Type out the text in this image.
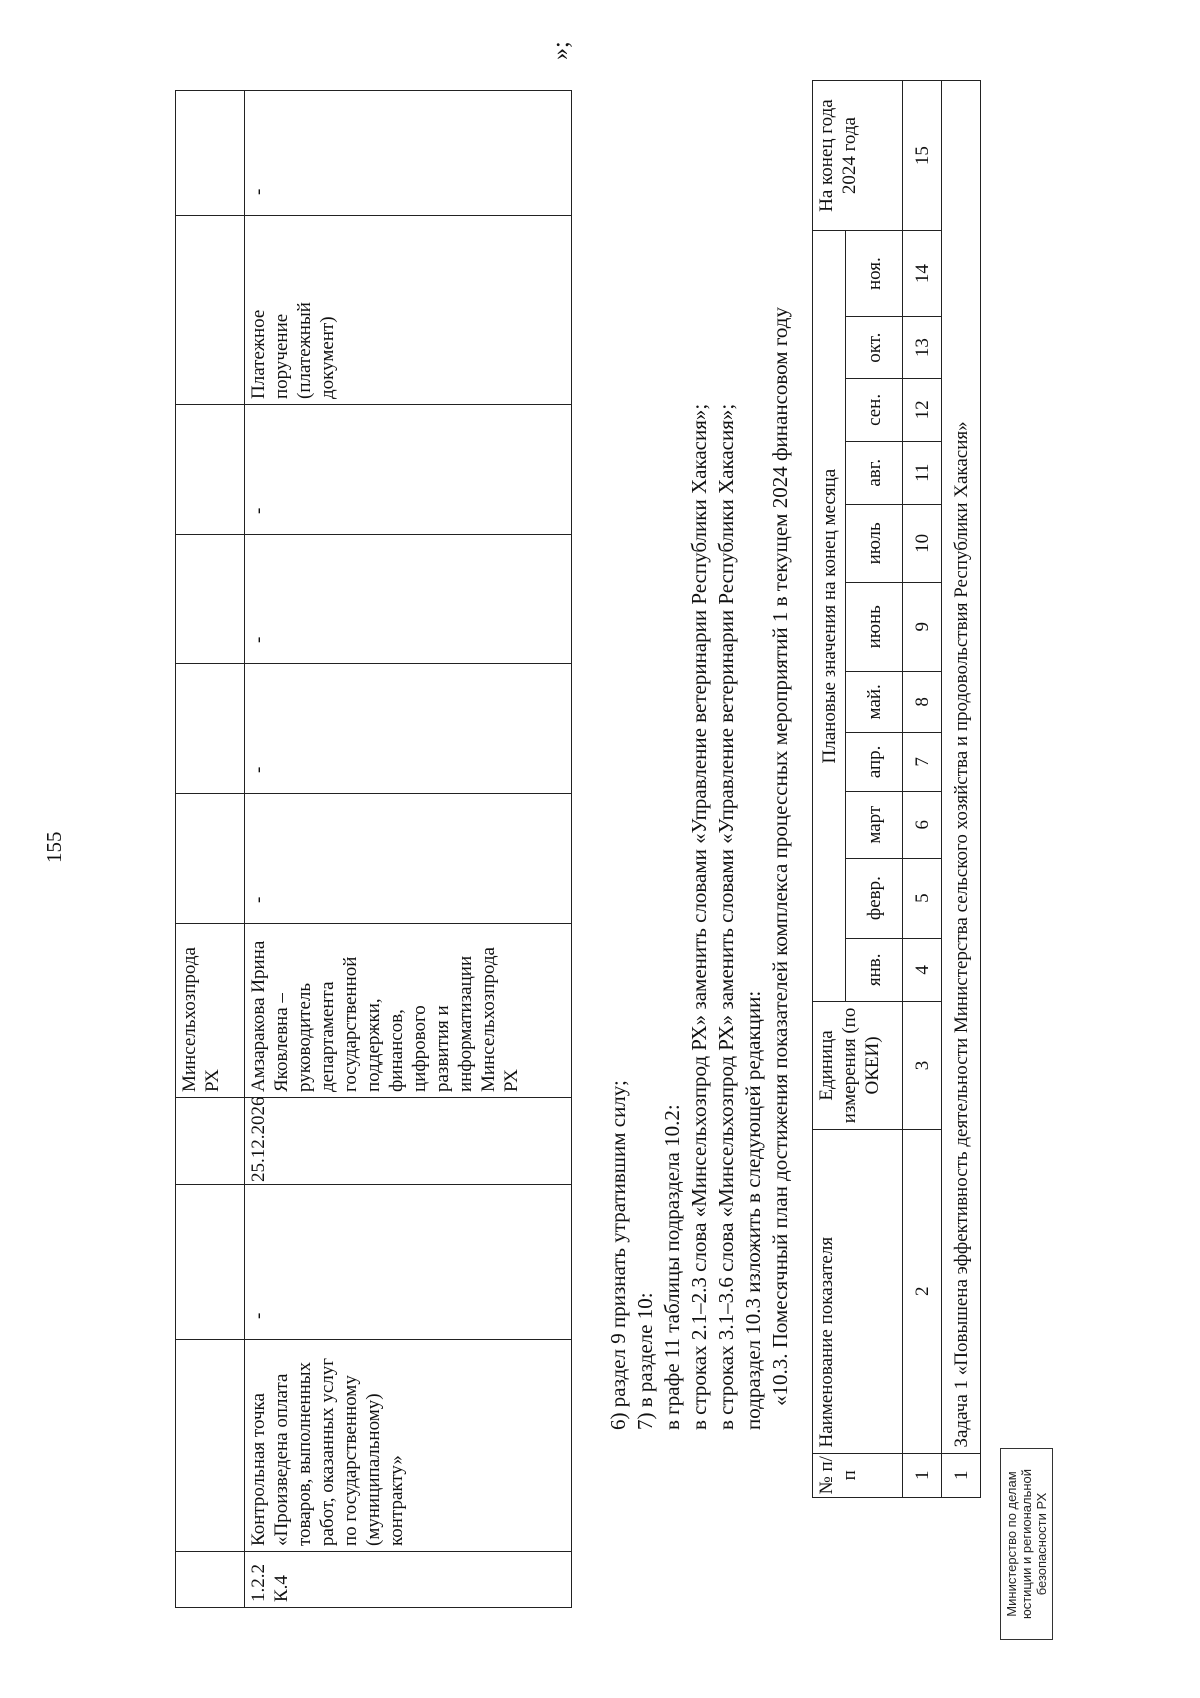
155
»;
				Минсельхозпрода РХ						
1.2.2 К.4	Контрольная точка «Произведена оплата товаров, выполненных работ, оказанных услуг по государственному (муниципальному) контракту»	-	25.12.2026	Амзаракова Ирина Яковлевна – руководитель департамента государственной поддержки, финансов, цифрового развития и информатизации Минсельхозпрода РХ	-	-	-	-	Платежное поручение (платежный документ)	-
6) раздел 9 признать утратившим силу; 7) в разделе 10: в графе 11 таблицы подраздела 10.2: в строках 2.1–2.3 слова «Минсельхозпрод РХ» заменить словами «Управление ветеринарии Республики Хакасия»; в строках 3.1–3.6 слова «Минсельхозпрод РХ» заменить словами «Управление ветеринарии Республики Хакасия»; подраздел 10.3 изложить в следующей редакции: «10.3. Помесячный план достижения показателей комплекса процессных мероприятий 1 в текущем 2024 финансовом году
№ п/п	Наименование показателя	Единица измерения (по ОКЕИ)	Плановые значения на конец месяца											На конец года 2024 года
			янв.	февр.	март	апр.	май.	июнь	июль	авг.	сен.	окт.	ноя.	
1	2	3	4	5	6	7	8	9	10	11	12	13	14	15
1	Задача 1 «Повышена эффективность деятельности Министерства сельского хозяйства и продовольствия Республики Хакасия»													
Министерство по делам юстиции и региональной безопасности РХ
